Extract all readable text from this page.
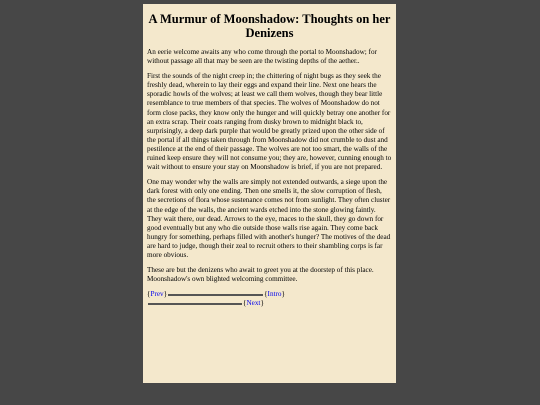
A Murmur of Moonshadow: Thoughts on her Denizens

An eerie welcome awaits any who come through the portal to Moonshadow; for without passage all that may be seen are the twisting depths of the aether..

First the sounds of the night creep in; the chittering of night bugs as they seek the freshly dead, wherein to lay their eggs and expand their line. Next one hears the sporadic howls of the wolves; at least we call them wolves, though they bear little resemblance to true members of that species. The wolves of Moonshadow do not form close packs, they know only the hunger and will quickly betray one another for an extra scrap. Their coats ranging from dusky brown to midnight black to, surprisingly, a deep dark purple that would be greatly prized upon the other side of the portal if all things taken through from Moonshadow did not crumble to dust and pestilence at the end of their passage. The wolves are not too smart, the walls of the ruined keep ensure they will not consume you; they are, however, cunning enough to wait without to ensure your stay on Moonshadow is brief, if you are not prepared.

One may wonder why the walls are simply not extended outwards, a siege upon the dark forest with only one ending. Then one smells it, the slow corruption of flesh, the secretions of flora whose sustenance comes not from sunlight. They often cluster at the edge of the walls, the ancient wards etched into the stone glowing faintly. They wait there, our dead. Arrows to the eye, maces to the skull, they go down for good eventually but any who die outside those walls rise again. They come back hungry for something, perhaps filled with another's hunger? The motives of the dead are hard to judge, though their zeal to recruit others to their shambling corps is far more obvious.

These are but the denizens who await to greet you at the doorstep of this place. Moonshadow's own blighted welcoming committee.

{Prev}	{Intro}
{Next}
